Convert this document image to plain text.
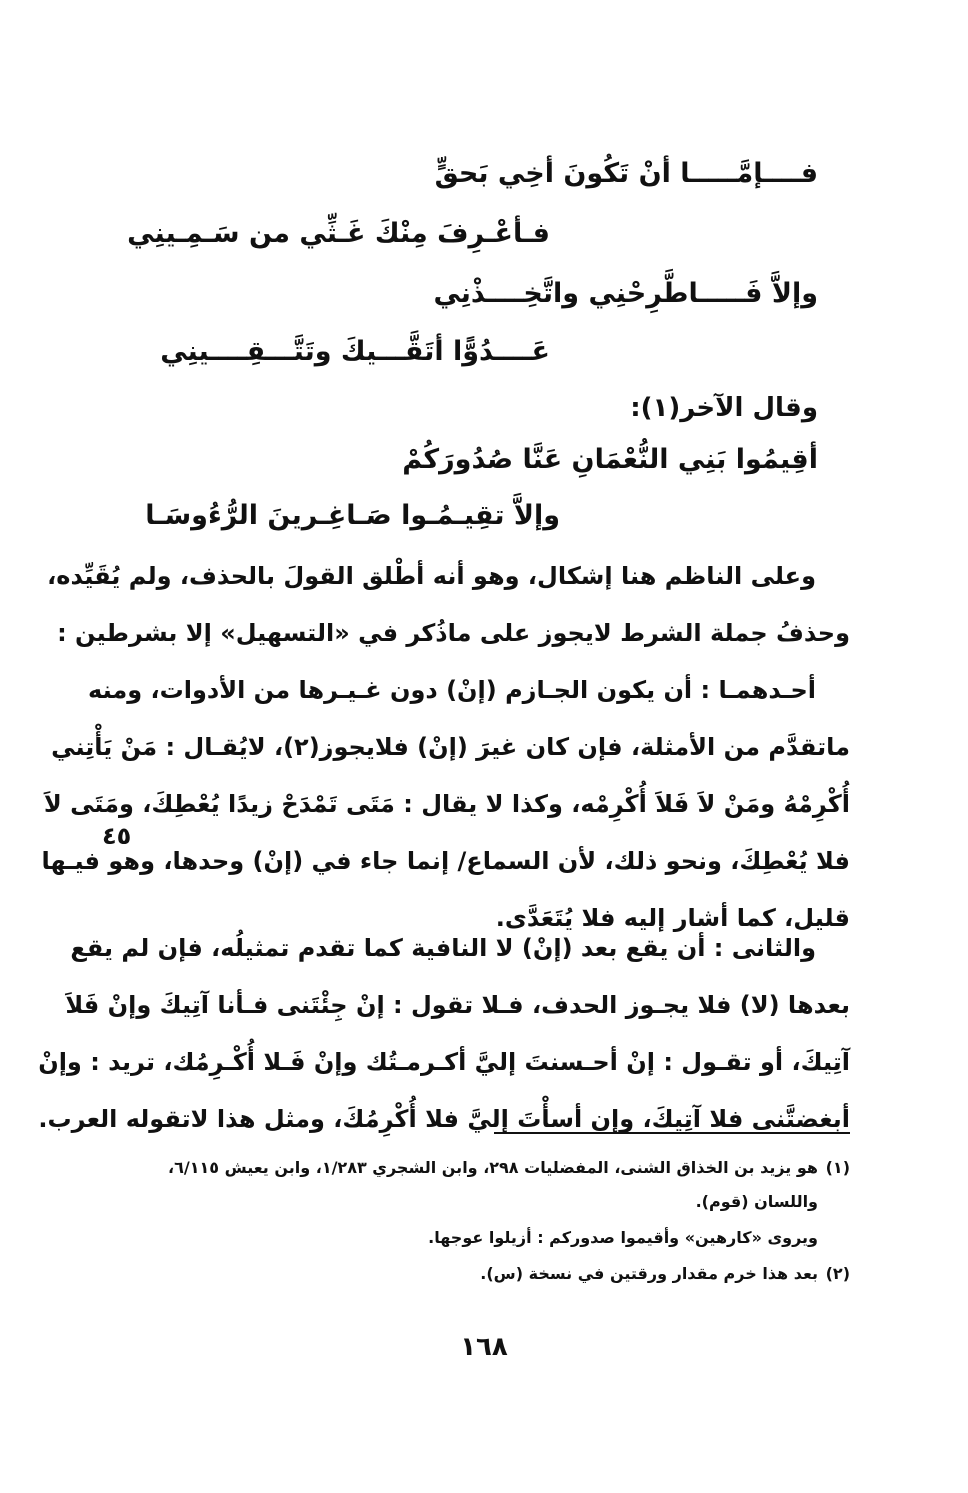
فــــإمَّـــــا أنْ تَكُونَ أخِي بَحقٍّ
فـأعْـرِفَ مِنْكَ غَـثِّي من سَـمِـينِي
وإلاَّ فَـــــاطَّرِحْنِي واتَّخِــــذْنِي
عَــــدُوًّا أتَقَّـــيكَ وتَتَّـــقِــــينِي
وقال الآخر(١):
أقِيمُوا بَنِي النُّعْمَانِ عَنَّا صُدُورَكُمْ
وإلاَّ تقِيـمُـوا صَـاغِـرينَ الرُّءُوسَـا
وعلى الناظم هنا إشكال، وهو أنه أطْلق القولَ بالحذف، ولم يُقَيِّده،
وحذفُ جملة الشرط لايجوز على ماذُكر في «التسهيل» إلا بشرطين :
أحـدهمـا : أن يكون الجـازم (إنْ) دون غـيـرها من الأدوات، ومنه
ماتقدَّم من الأمثلة، فإن كان غيرَ (إنْ) فلايجوز(٢)، لايُقـال : مَنْ يَأْتِني
أُكْرِمْهُ ومَنْ لاَ فَلاَ أُكْرِمْه، وكذا لا يقال : مَتَى تَمْدَحْ زيدًا يُعْطِكَ، ومَتَى لاَ
فلا يُعْطِكَ، ونحو ذلك، لأن السماع/ إنما جاء في (إنْ) وحدها، وهو فيـها
قليل، كما أشار إليه فلا يُتَعَدَّى.
٤٥
والثانى : أن يقع بعد (إنْ) لا النافية كما تقدم تمثيلُه، فإن لم يقع
بعدها (لا) فلا يجـوز الحدف، فـلا تقول : إنْ جِئْتَنى فـأنا آتِيكَ وإنْ فَلاَ
آتِيكَ، أو تقـول : إنْ أحـسنتَ إليَّ أكـرمـتُك وإنْ فَـلا أُكْـرِمُك، تريد : وإنْ
أبغضتَّنى فلا آتِيكَ، وإن أسأْتَ إليَّ فلا أُكْرِمُكَ، ومثل هذا لاتقوله العرب.
(١)
هو يزيد بن الخذاق الشنى، المفضليات ٢٩٨، وابن الشجري ١/٢٨٣، وابن يعيش ٦/١١٥،
واللسان (قوم).
ويروى «كارهين» وأقيموا صدوركم : أزيلوا عوجها.
(٢)
بعد هذا خرم مقدار ورقتين في نسخة (س).
١٦٨
